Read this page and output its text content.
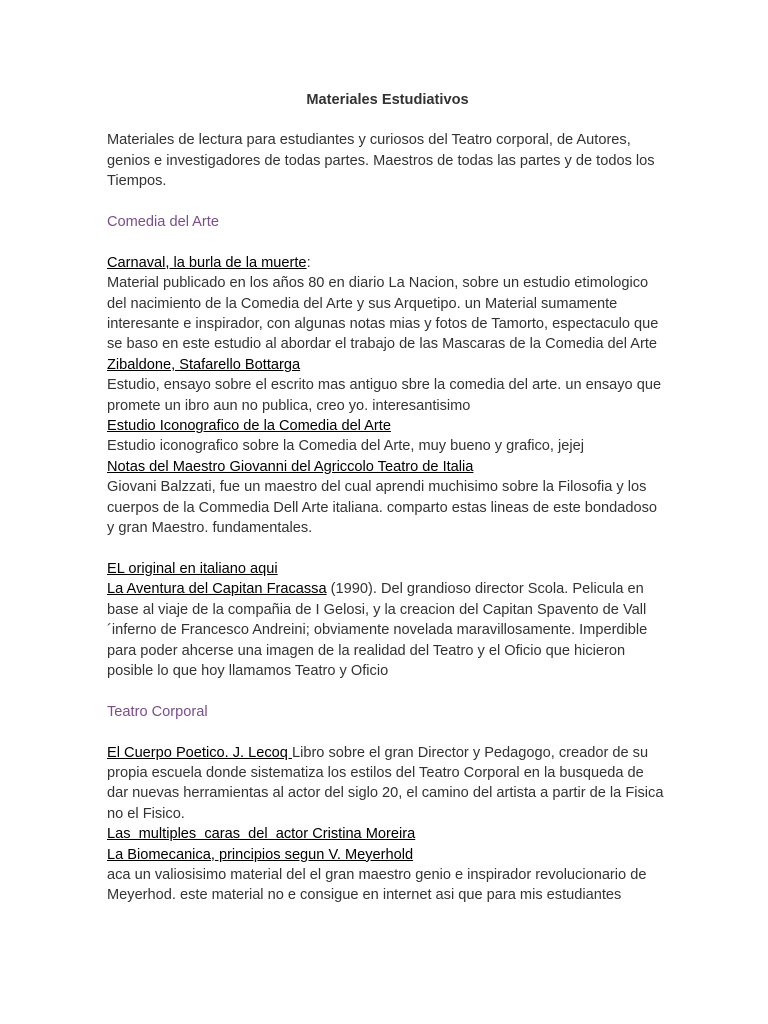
Materiales Estudiativos

Materiales de lectura para estudiantes y curiosos del Teatro corporal, de Autores, genios e investigadores de todas partes. Maestros de todas las partes y de todos los Tiempos.

Comedia del Arte

Carnaval, la burla de la muerte:

Material publicado en los años 80 en diario La Nacion, sobre un estudio etimologico del nacimiento de la Comedia del Arte y sus Arquetipo. un Material sumamente interesante e inspirador, con algunas notas mias y fotos de Tamorto, espectaculo que se baso en este estudio al abordar el trabajo de las Mascaras de la Comedia del Arte

Zibaldone, Stafarello Bottarga

Estudio, ensayo sobre el escrito mas antiguo sbre la comedia del arte. un ensayo que promete un ibro aun no publica, creo yo. interesantisimo

Estudio Iconografico de la Comedia del Arte

Estudio iconografico sobre la Comedia del Arte, muy bueno y grafico, jejej

Notas del Maestro Giovanni del Agriccolo Teatro de Italia

Giovani Balzzati, fue un maestro del cual aprendi muchisimo sobre la Filosofia y los cuerpos de la Commedia Dell Arte italiana. comparto estas lineas de este bondadoso y gran Maestro. fundamentales.

EL original en italiano aqui

La Aventura del Capitan Fracassa (1990). Del grandioso director Scola. Pelicula en base al viaje de la compañia de I Gelosi, y la creacion del Capitan Spavento de Vall´inferno de Francesco Andreini; obviamente novelada maravillosamente. Imperdible para poder ahcerse una imagen de la realidad del Teatro y el Oficio que hicieron posible lo que hoy llamamos Teatro y Oficio

Teatro Corporal

El Cuerpo Poetico. J. Lecoq Libro sobre el gran Director y Pedagogo, creador de su propia escuela donde sistematiza los estilos del Teatro Corporal en la busqueda de dar nuevas herramientas al actor del siglo 20, el camino del artista a partir de la Fisica no el Fisico.

Las  multiples  caras  del  actor Cristina Moreira

La Biomecanica, principios segun V. Meyerhold

aca un valiosisimo material del el gran maestro genio e inspirador revolucionario de Meyerhod. este material no e consigue en internet asi que para mis estudiantes
